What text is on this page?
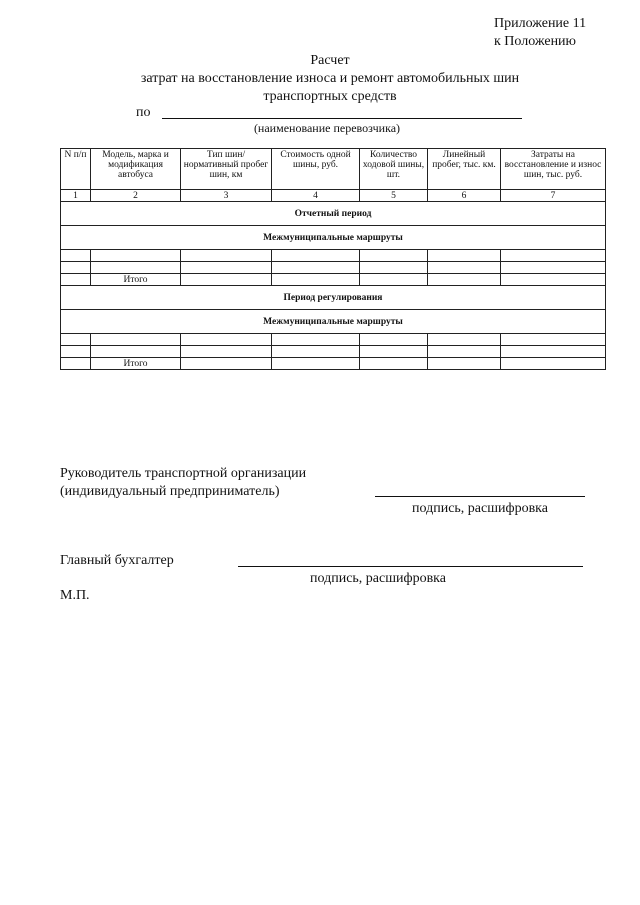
Приложение 11
к Положению
Расчет
затрат на восстановление износа и ремонт автомобильных шин
транспортных средств
по
(наименование перевозчика)
N п/п	Модель, марка и модификация автобуса	Тип шин/ нормативный пробег шин, км	Стоимость одной шины, руб.	Количество ходовой шины, шт.	Линейный пробег, тыс. км.	Затраты на восстановление и износ шин, тыс. руб.
1	2	3	4	5	6	7
Отчетный период						
Межмуниципальные маршруты						

	Итого					
Период регулирования						
Межмуниципальные маршруты						

	Итого					
Руководитель транспортной организации
(индивидуальный предприниматель)
подпись, расшифровка
Главный бухгалтер
подпись, расшифровка
М.П.
